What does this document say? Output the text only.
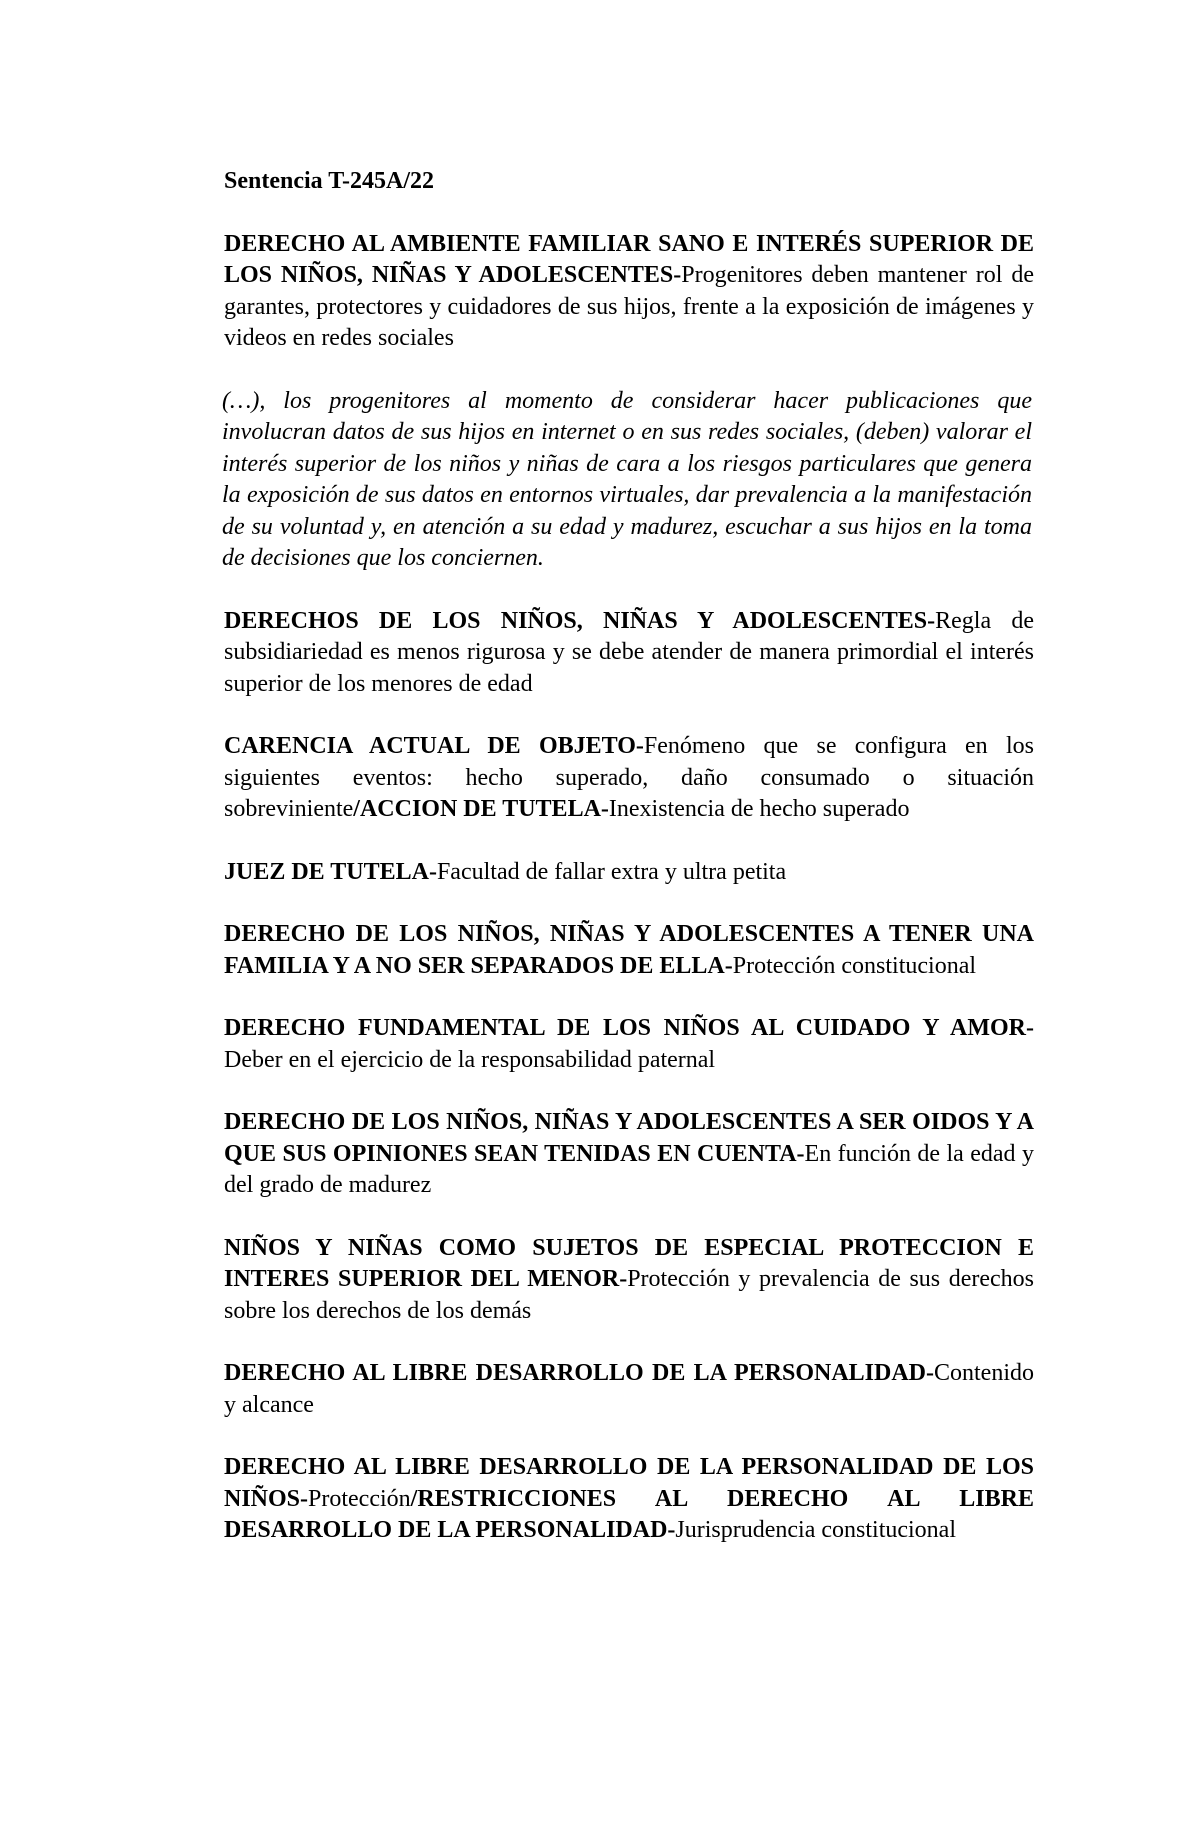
Sentencia T-245A/22

DERECHO AL AMBIENTE FAMILIAR SANO E INTERÉS SUPERIOR DE LOS NIÑOS, NIÑAS Y ADOLESCENTES-Progenitores deben mantener rol de garantes, protectores y cuidadores de sus hijos, frente a la exposición de imágenes y videos en redes sociales

(…), los progenitores al momento de considerar hacer publicaciones que involucran datos de sus hijos en internet o en sus redes sociales, (deben) valorar el interés superior de los niños y niñas de cara a los riesgos particulares que genera la exposición de sus datos en entornos virtuales, dar prevalencia a la manifestación de su voluntad y, en atención a su edad y madurez, escuchar a sus hijos en la toma de decisiones que los conciernen.

DERECHOS DE LOS NIÑOS, NIÑAS Y ADOLESCENTES-Regla de subsidiariedad es menos rigurosa y se debe atender de manera primordial el interés superior de los menores de edad

CARENCIA ACTUAL DE OBJETO-Fenómeno que se configura en los siguientes eventos: hecho superado, daño consumado o situación sobreviniente/ACCION DE TUTELA-Inexistencia de hecho superado

JUEZ DE TUTELA-Facultad de fallar extra y ultra petita

DERECHO DE LOS NIÑOS, NIÑAS Y ADOLESCENTES A TENER UNA FAMILIA Y A NO SER SEPARADOS DE ELLA-Protección constitucional

DERECHO FUNDAMENTAL DE LOS NIÑOS AL CUIDADO Y AMOR-Deber en el ejercicio de la responsabilidad paternal

DERECHO DE LOS NIÑOS, NIÑAS Y ADOLESCENTES A SER OIDOS Y A QUE SUS OPINIONES SEAN TENIDAS EN CUENTA-En función de la edad y del grado de madurez

NIÑOS Y NIÑAS COMO SUJETOS DE ESPECIAL PROTECCION E INTERES SUPERIOR DEL MENOR-Protección y prevalencia de sus derechos sobre los derechos de los demás

DERECHO AL LIBRE DESARROLLO DE LA PERSONALIDAD-Contenido y alcance

DERECHO AL LIBRE DESARROLLO DE LA PERSONALIDAD DE LOS NIÑOS-Protección/RESTRICCIONES AL DERECHO AL LIBRE DESARROLLO DE LA PERSONALIDAD-Jurisprudencia constitucional
